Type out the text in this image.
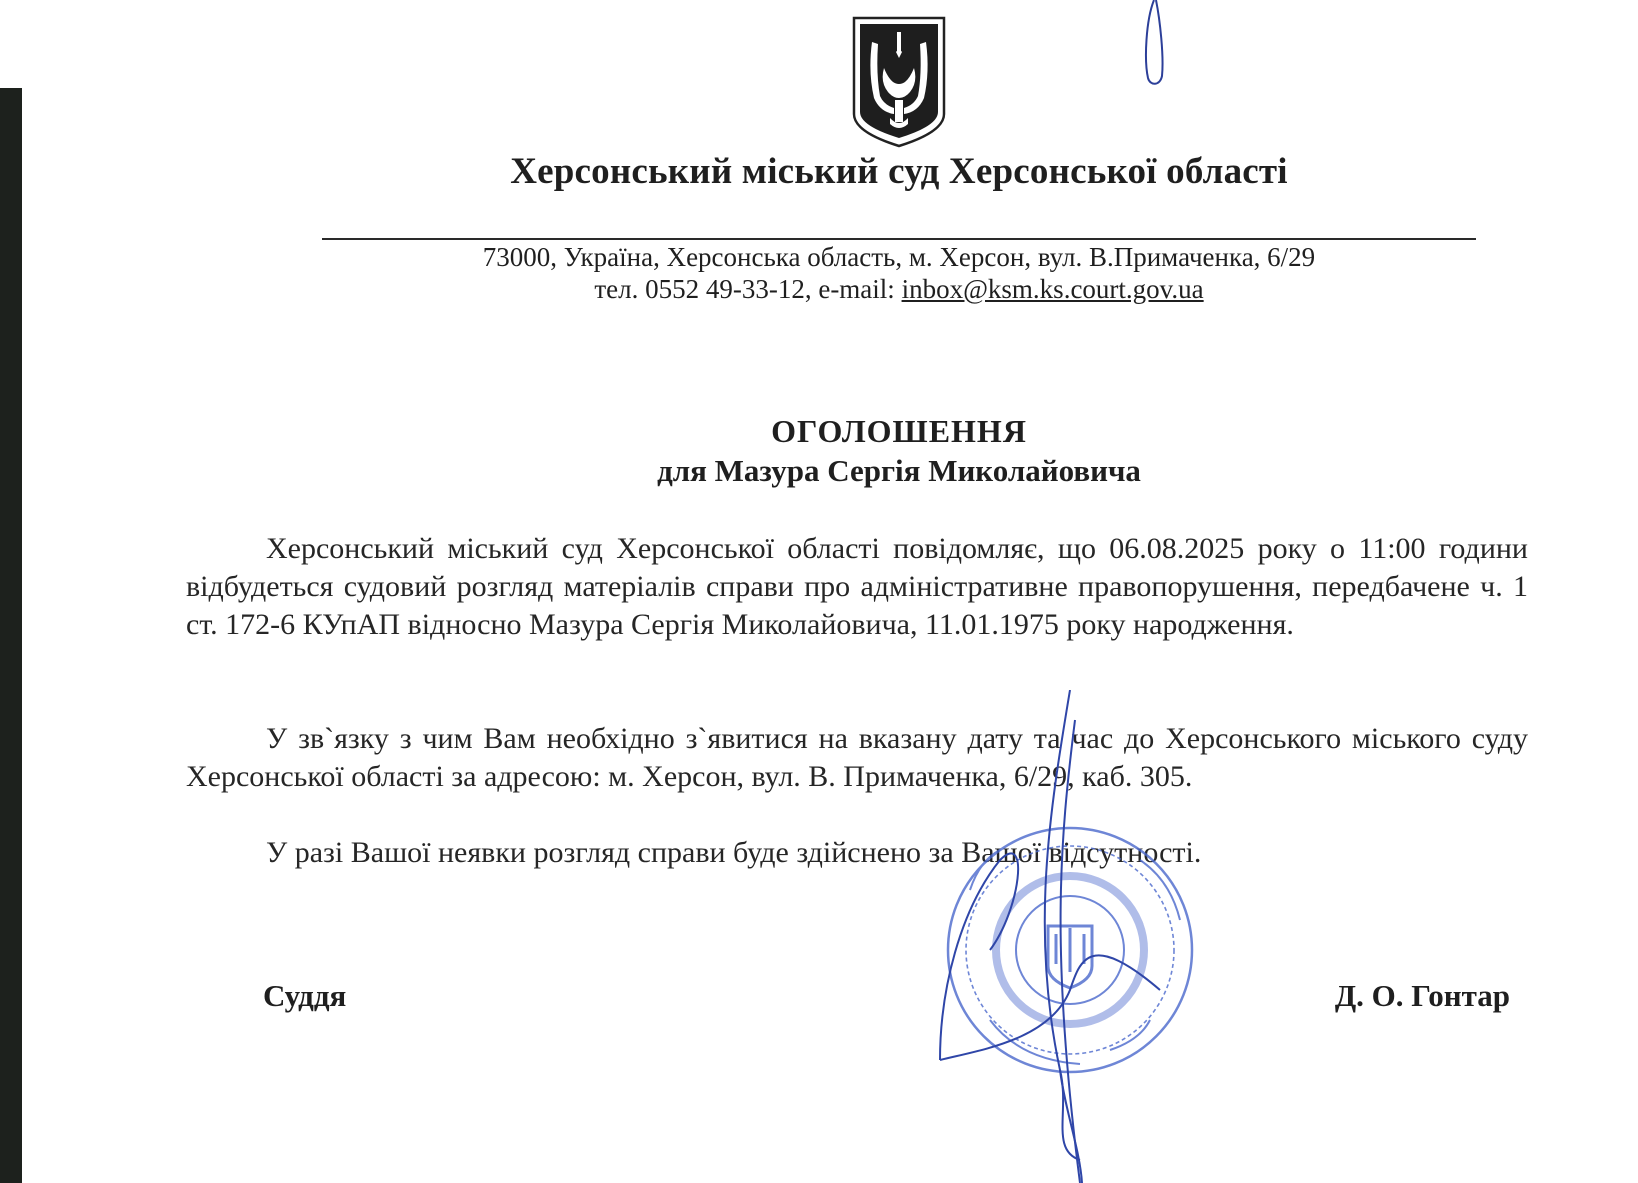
Херсонський міський суд Херсонської області
73000, Україна, Херсонська область, м. Херсон, вул. В.Примаченка, 6/29
тел. 0552 49-33-12, e-mail: inbox@ksm.ks.court.gov.ua
ОГОЛОШЕННЯ
для Мазура Сергія Миколайовича
Херсонський міський суд Херсонської області повідомляє, що 06.08.2025 року о 11:00 години відбудеться судовий розгляд матеріалів справи про адміністративне правопорушення, передбачене ч. 1 ст. 172-6 КУпАП відносно Мазура Сергія Миколайовича, 11.01.1975 року народження.
У зв`язку з чим Вам необхідно з`явитися на вказану дату та час до Херсонського міського суду Херсонської області за адресою: м. Херсон, вул. В. Примаченка, 6/29, каб. 305.
У разі Вашої неявки розгляд справи буде здійснено за Вашої відсутності.
Суддя	Д. О. Гонтар
